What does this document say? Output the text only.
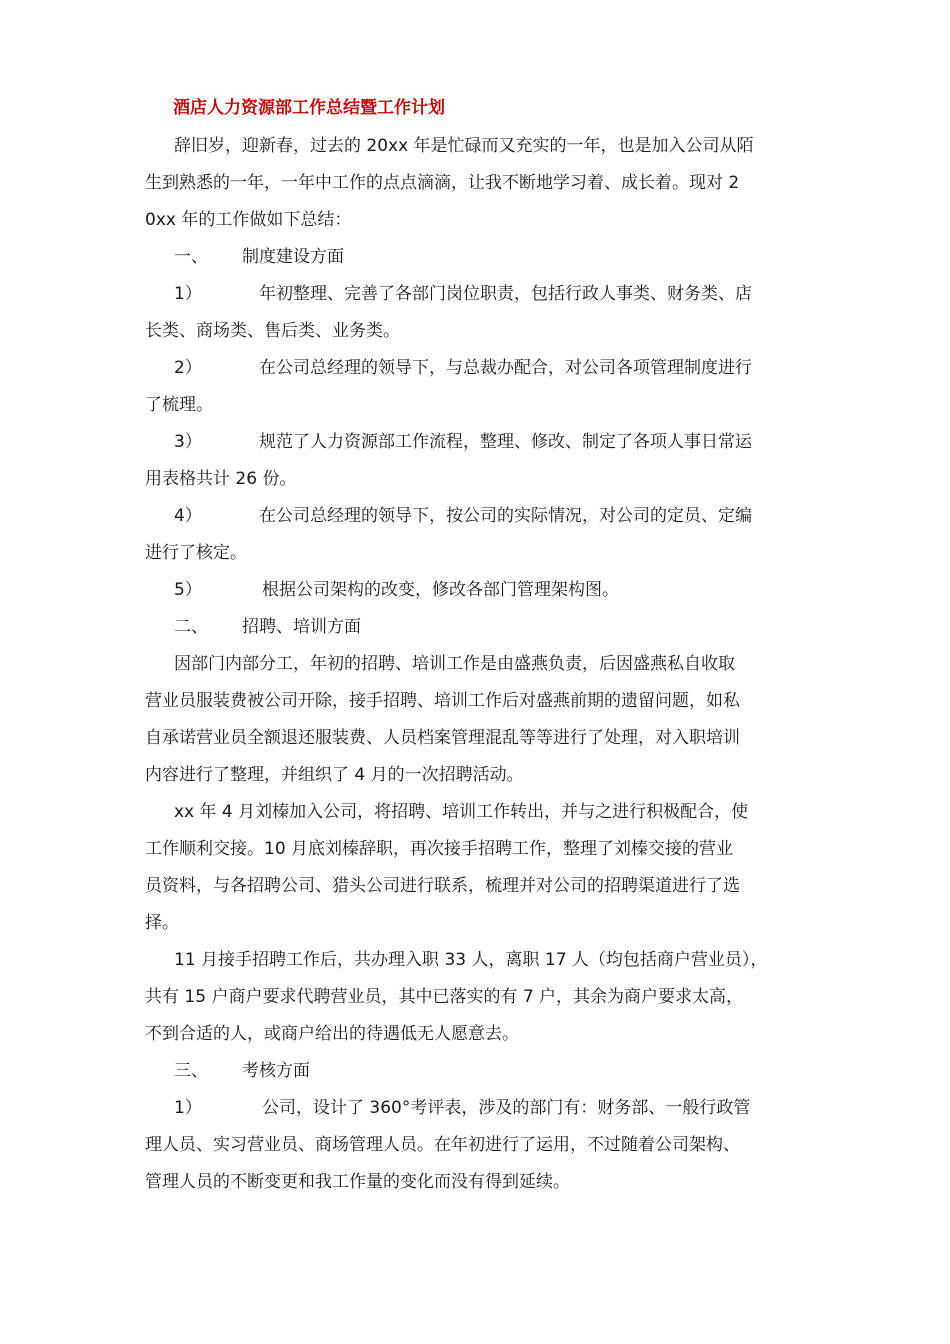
酒店人力资源部工作总结暨工作计划

辞旧岁，迎新春，过去的 20xx 年是忙碌而又充实的一年，也是加入公司从陌
生到熟悉的一年，一年中工作的点点滴滴，让我不断地学习着、成长着。现对 2
0xx 年的工作做如下总结：

一、 制度建设方面

1）	年初整理、完善了各部门岗位职责，包括行政人事类、财务类、店
长类、商场类、售后类、业务类。

2）	在公司总经理的领导下，与总裁办配合，对公司各项管理制度进行
了梳理。

3）	规范了人力资源部工作流程，整理、修改、制定了各项人事日常运
用表格共计 26 份。

4）	在公司总经理的领导下，按公司的实际情况，对公司的定员、定编
进行了核定。

5）	根据公司架构的改变，修改各部门管理架构图。

二、 招聘、培训方面

因部门内部分工，年初的招聘、培训工作是由盛燕负责，后因盛燕私自收取
营业员服装费被公司开除，接手招聘、培训工作后对盛燕前期的遗留问题，如私
自承诺营业员全额退还服装费、人员档案管理混乱等等进行了处理，对入职培训
内容进行了整理，并组织了 4 月的一次招聘活动。

xx 年 4 月刘榛加入公司，将招聘、培训工作转出，并与之进行积极配合，使
工作顺利交接。10 月底刘榛辞职，再次接手招聘工作，整理了刘榛交接的营业
员资料，与各招聘公司、猎头公司进行联系，梳理并对公司的招聘渠道进行了选
择。

11 月接手招聘工作后，共办理入职 33 人，离职 17 人（均包括商户营业员），
共有 15 户商户要求代聘营业员，其中已落实的有 7 户，其余为商户要求太高，
不到合适的人，或商户给出的待遇低无人愿意去。

三、 考核方面

1）	公司，设计了 360°考评表，涉及的部门有：财务部、一般行政管
理人员、实习营业员、商场管理人员。在年初进行了运用，不过随着公司架构、
管理人员的不断变更和我工作量的变化而没有得到延续。
